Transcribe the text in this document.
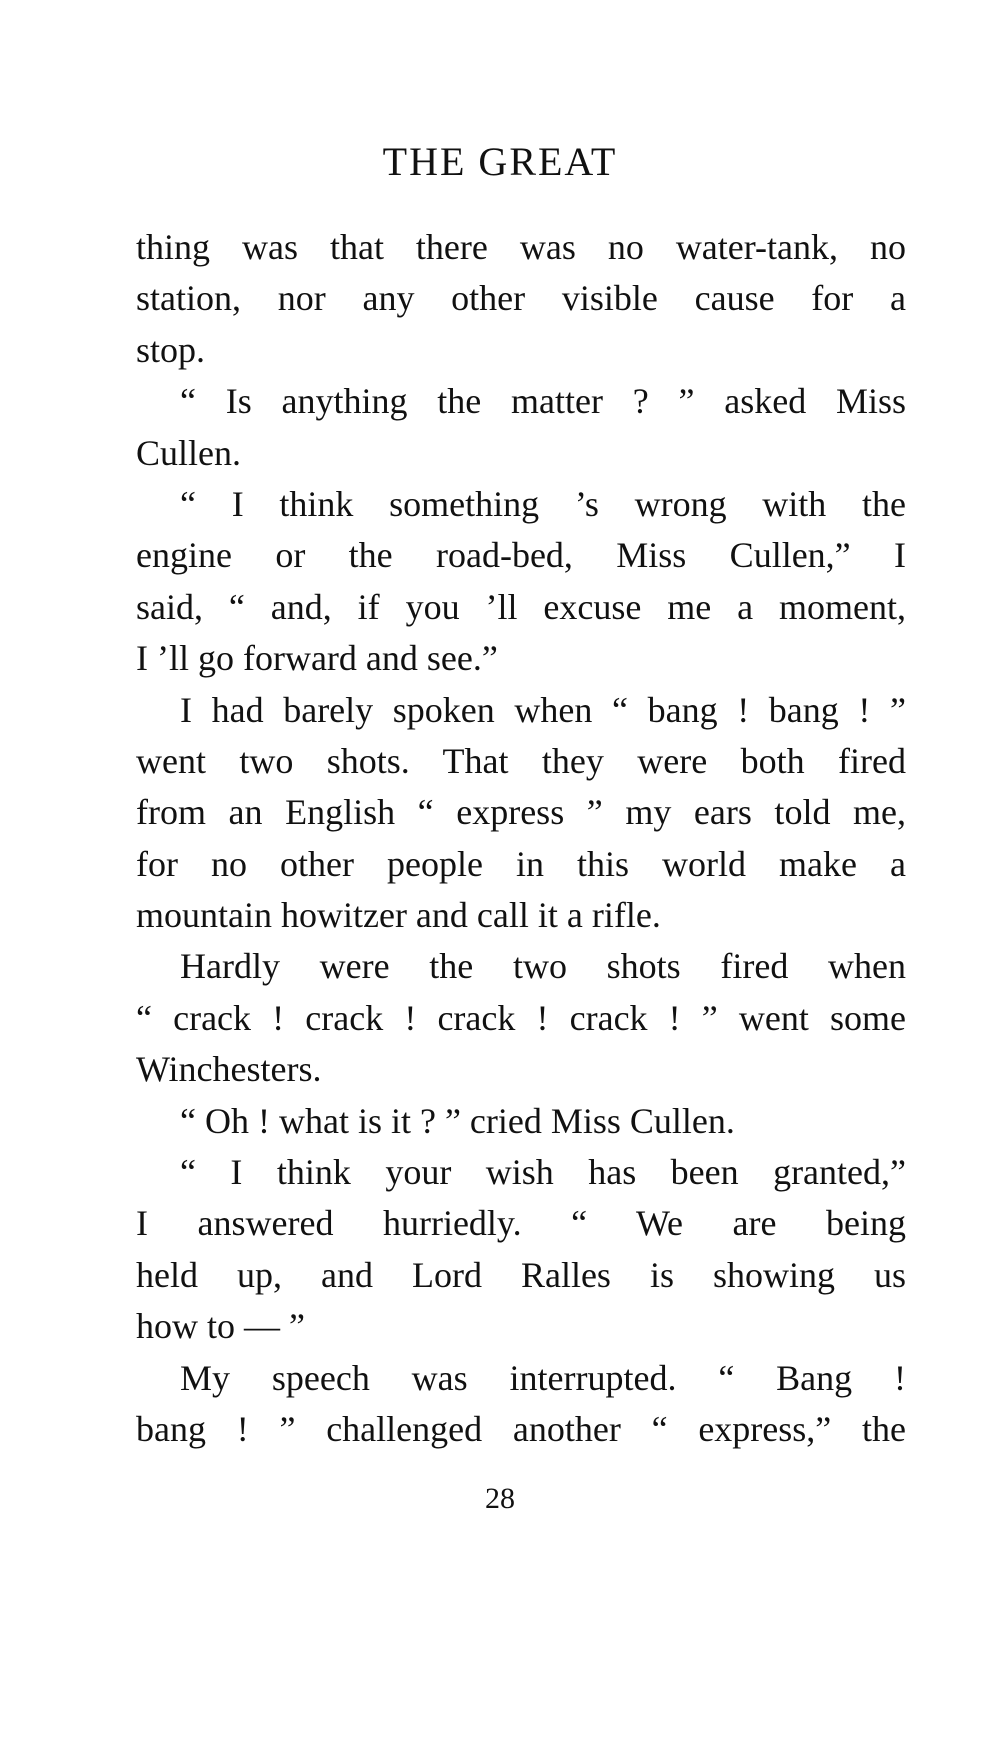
THE GREAT
thing was that there was no water-tank, no
station, nor any other visible cause for a
stop.
“ Is anything the matter ? ” asked Miss
Cullen.
“ I think something ’s wrong with the
engine or the road-bed, Miss Cullen,” I
said, “ and, if you ’ll excuse me a moment,
I ’ll go forward and see.”
I had barely spoken when “ bang ! bang ! ”
went two shots. That they were both fired
from an English “ express ” my ears told me,
for no other people in this world make a
mountain howitzer and call it a rifle.
Hardly were the two shots fired when
“ crack ! crack ! crack ! crack ! ” went some
Winchesters.
“ Oh ! what is it ? ” cried Miss Cullen.
“ I think your wish has been granted,”
I answered hurriedly. “ We are being
held up, and Lord Ralles is showing us
how to — ”
My speech was interrupted. “ Bang !
bang ! ” challenged another “ express,” the
28
